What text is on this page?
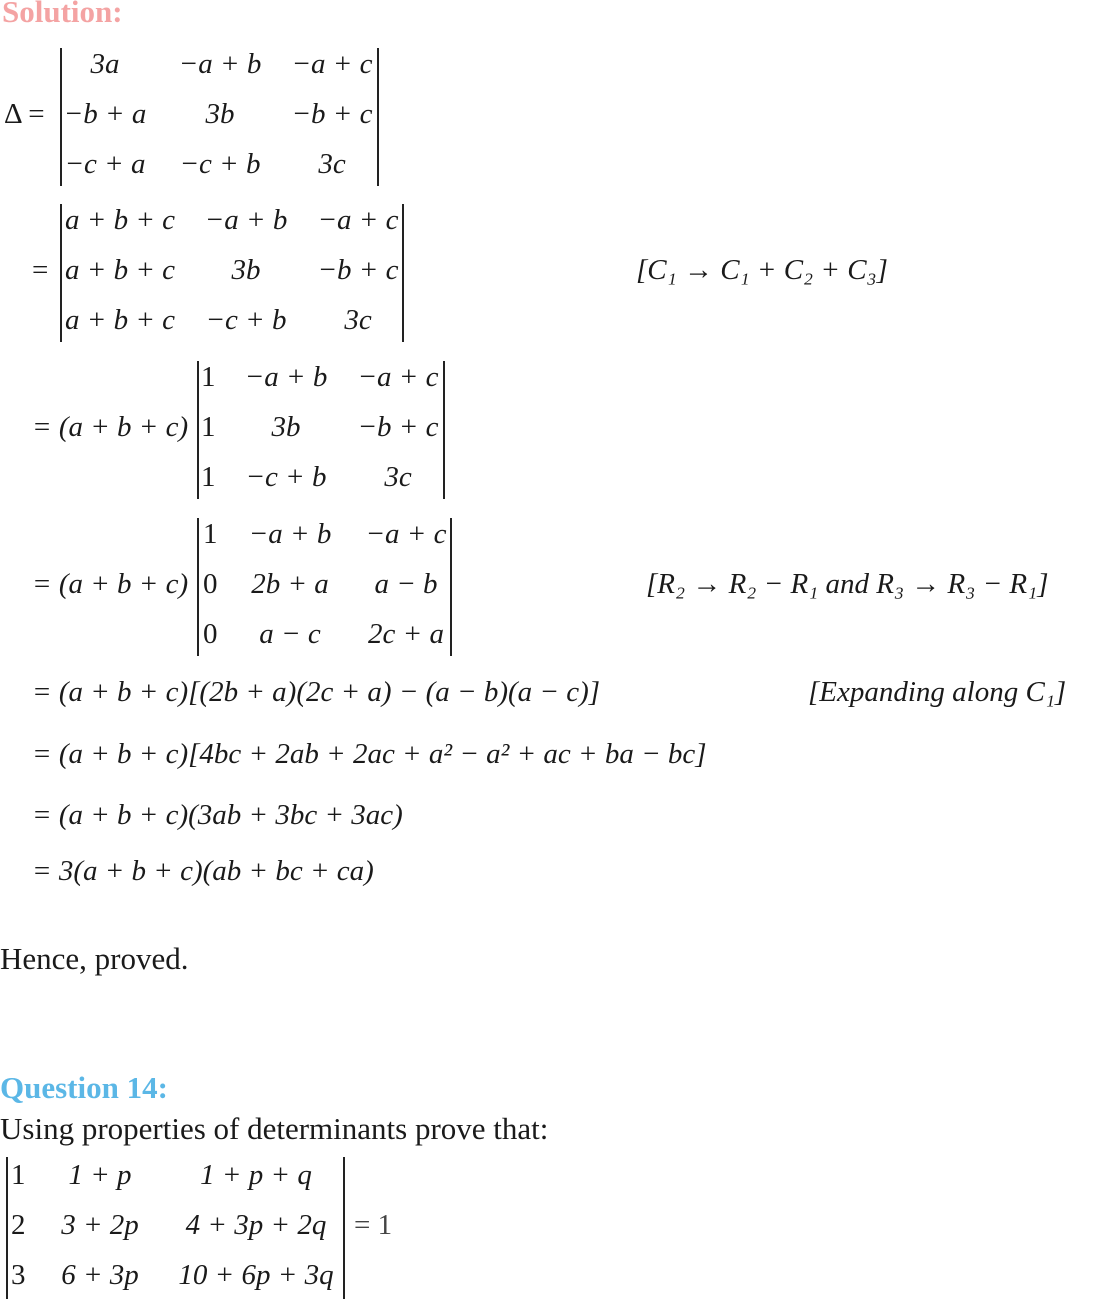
Solution:
Δ =
3a −a + b −a + c
−b + a 3b −b + c
−c + a −c + b 3c
=
a + b + c −a + b −a + c
a + b + c 3b −b + c
a + b + c −c + b 3c
[C₁ → C₁ + C₂ + C₃]
= (a + b + c)
1 −a + b −a + c
1 3b −b + c
1 −c + b 3c
= (a + b + c)
1 −a + b −a + c
0 2b + a a − b
0 a − c 2c + a
[R₂ → R₂ − R₁ and R₃ → R₃ − R₁]
= (a + b + c)[(2b + a)(2c + a) − (a − b)(a − c)]	[Expanding along C₁]
= (a + b + c)[4bc + 2ab + 2ac + a² − a² + ac + ba − bc]
= (a + b + c)(3ab + 3bc + 3ac)
= 3(a + b + c)(ab + bc + ca)
Hence, proved.
Question 14:
Using properties of determinants prove that:
1 1 + p 1 + p + q
2 3 + 2p 4 + 3p + 2q
3 6 + 3p 10 + 6p + 3q
= 1
